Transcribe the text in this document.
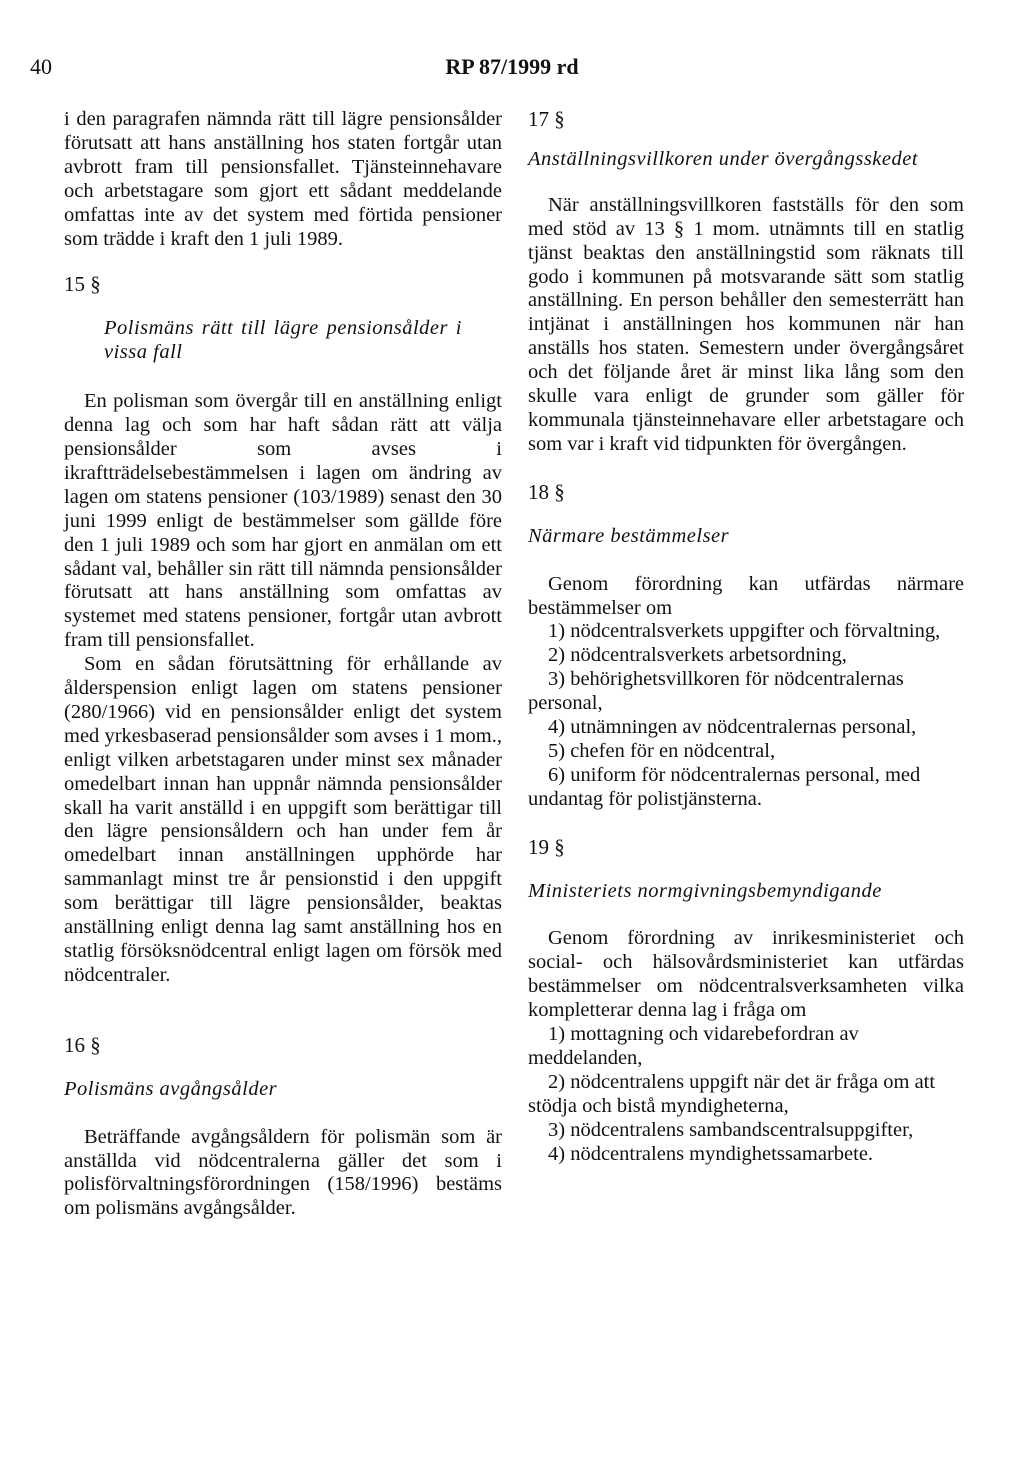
40	RP 87/1999 rd

i den paragrafen nämnda rätt till lägre pensionsålder förutsatt att hans anställning hos staten fortgår utan avbrott fram till pensionsfallet. Tjänsteinnehavare och arbetstagare som gjort ett sådant meddelande omfattas inte av det system med förtida pensioner som trädde i kraft den 1 juli 1989.

15 §

Polismäns rätt till lägre pensionsålder i vissa fall

En polisman som övergår till en anställning enligt denna lag och som har haft sådan rätt att välja pensionsålder som avses i ikraftträdelsebestämmelsen i lagen om ändring av lagen om statens pensioner (103/1989) senast den 30 juni 1999 enligt de bestämmelser som gällde före den 1 juli 1989 och som har gjort en anmälan om ett sådant val, behåller sin rätt till nämnda pensionsålder förutsatt att hans anställning som omfattas av systemet med statens pensioner, fortgår utan avbrott fram till pensionsfallet.

Som en sådan förutsättning för erhållande av ålderspension enligt lagen om statens pensioner (280/1966) vid en pensionsålder enligt det system med yrkesbaserad pensionsålder som avses i 1 mom., enligt vilken arbetstagaren under minst sex månader omedelbart innan han uppnår nämnda pensionsålder skall ha varit anställd i en uppgift som berättigar till den lägre pensionsåldern och han under fem år omedelbart innan anställningen upphörde har sammanlagt minst tre år pensionstid i den uppgift som berättigar till lägre pensionsålder, beaktas anställning enligt denna lag samt anställning hos en statlig försöksnödcentral enligt lagen om försök med nödcentraler.

16 §

Polismäns avgångsålder

Beträffande avgångsåldern för polismän som är anställda vid nödcentralerna gäller det som i polisförvaltningsförordningen (158/1996) bestäms om polismäns avgångsålder.

17 §

Anställningsvillkoren under övergångsskedet

När anställningsvillkoren fastställs för den som med stöd av 13 § 1 mom. utnämnts till en statlig tjänst beaktas den anställningstid som räknats till godo i kommunen på motsvarande sätt som statlig anställning. En person behåller den semesterrätt han intjänat i anställningen hos kommunen när han anställs hos staten. Semestern under övergångsåret och det följande året är minst lika lång som den skulle vara enligt de grunder som gäller för kommunala tjänsteinnehavare eller arbetstagare och som var i kraft vid tidpunkten för övergången.

18 §

Närmare bestämmelser

Genom förordning kan utfärdas närmare bestämmelser om

1) nödcentralsverkets uppgifter och förvaltning,

2) nödcentralsverkets arbetsordning,

3) behörighetsvillkoren för nödcentralernas personal,

4) utnämningen av nödcentralernas personal,

5) chefen för en nödcentral,

6) uniform för nödcentralernas personal, med undantag för polistjänsterna.

19 §

Ministeriets normgivningsbemyndigande

Genom förordning av inrikesministeriet och social- och hälsovårdsministeriet kan utfärdas bestämmelser om nödcentralsverksamheten vilka kompletterar denna lag i fråga om

1) mottagning och vidarebefordran av meddelanden,

2) nödcentralens uppgift när det är fråga om att stödja och bistå myndigheterna,

3) nödcentralens sambandscentralsuppgifter,

4) nödcentralens myndighetssamarbete.
